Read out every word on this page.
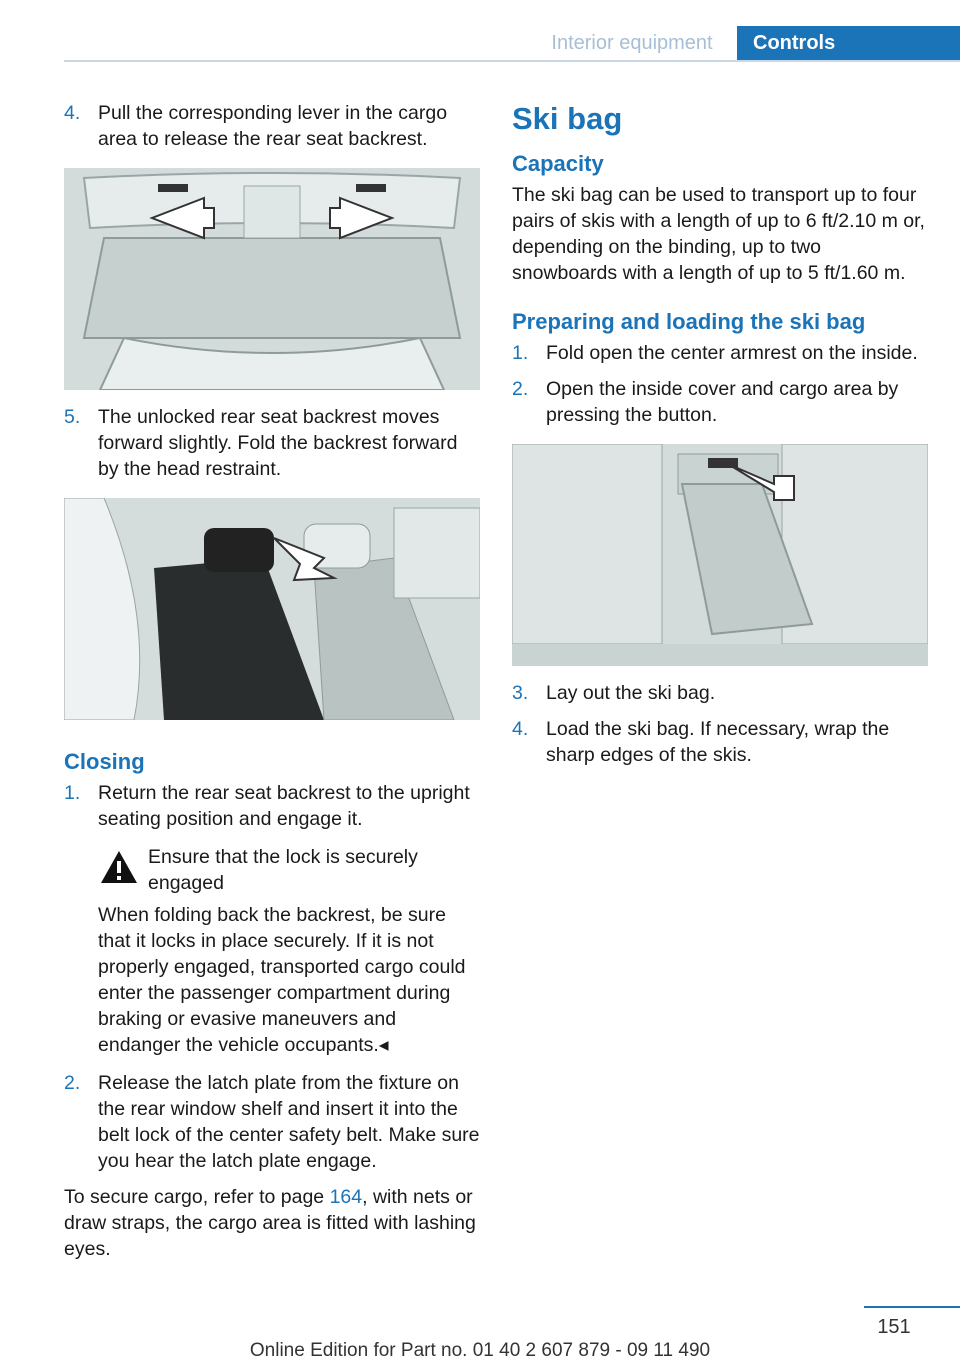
Interior equipment	Controls
4. Pull the corresponding lever in the cargo area to release the rear seat backrest.
5. The unlocked rear seat backrest moves forward slightly. Fold the backrest forward by the head restraint.
Closing
1. Return the rear seat backrest to the upright seating position and engage it.
Ensure that the lock is securely engaged
When folding back the backrest, be sure that it locks in place securely. If it is not properly engaged, transported cargo could enter the passenger compartment during braking or evasive maneuvers and endanger the vehicle occupants.◂
2. Release the latch plate from the fixture on the rear window shelf and insert it into the belt lock of the center safety belt. Make sure you hear the latch plate engage.

To secure cargo, refer to page 164, with nets or draw straps, the cargo area is fitted with lashing eyes.

Ski bag
Capacity

The ski bag can be used to transport up to four pairs of skis with a length of up to 6 ft/2.10 m or, depending on the binding, up to two snowboards with a length of up to 5 ft/1.60 m.

Preparing and loading the ski bag
1. Fold open the center armrest on the inside.
2. Open the inside cover and cargo area by pressing the button.
3. Lay out the ski bag.
4. Load the ski bag. If necessary, wrap the sharp edges of the skis.
151
Online Edition for Part no. 01 40 2 607 879 - 09 11 490
